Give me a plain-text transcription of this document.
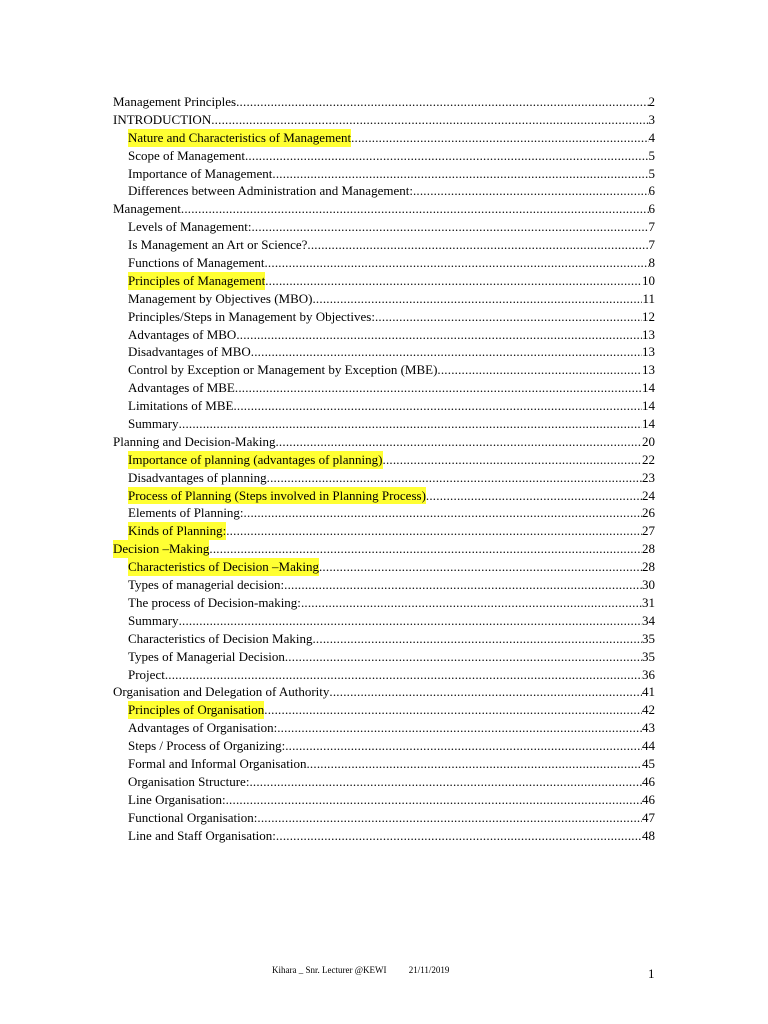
Management Principles .....	2
INTRODUCTION .....	3
Nature and Characteristics of Management .....	4
Scope of Management .....	5
Importance of Management .....	5
Differences between Administration and Management: .....	6
Management .....	6
Levels of Management: .....	7
Is Management an Art or Science? .....	7
Functions of Management .....	8
Principles of Management .....	10
Management by Objectives (MBO) .....	11
Principles/Steps in Management by Objectives: .....	12
Advantages of MBO .....	13
Disadvantages of MBO .....	13
Control by Exception or Management by Exception (MBE) .....	13
Advantages of MBE .....	14
Limitations of MBE .....	14
Summary .....	14
Planning and Decision-Making .....	20
Importance of planning (advantages of planning) .....	22
Disadvantages of planning .....	23
Process of Planning (Steps involved in Planning Process) .....	24
Elements of Planning: .....	26
Kinds of Planning: .....	27
Decision –Making .....	28
Characteristics of Decision –Making .....	28
Types of managerial decision: .....	30
The process of Decision-making: .....	31
Summary .....	34
Characteristics of Decision Making .....	35
Types of Managerial Decision .....	35
Project .....	36
Organisation and Delegation of Authority .....	41
Principles of Organisation .....	42
Advantages of Organisation: .....	43
Steps / Process of Organizing: .....	44
Formal and Informal Organisation .....	45
Organisation Structure: .....	46
Line Organisation: .....	46
Functional Organisation: .....	47
Line and Staff Organisation: .....	48
Kihara _ Snr. Lecturer @KEWI 21/11/2019	1
